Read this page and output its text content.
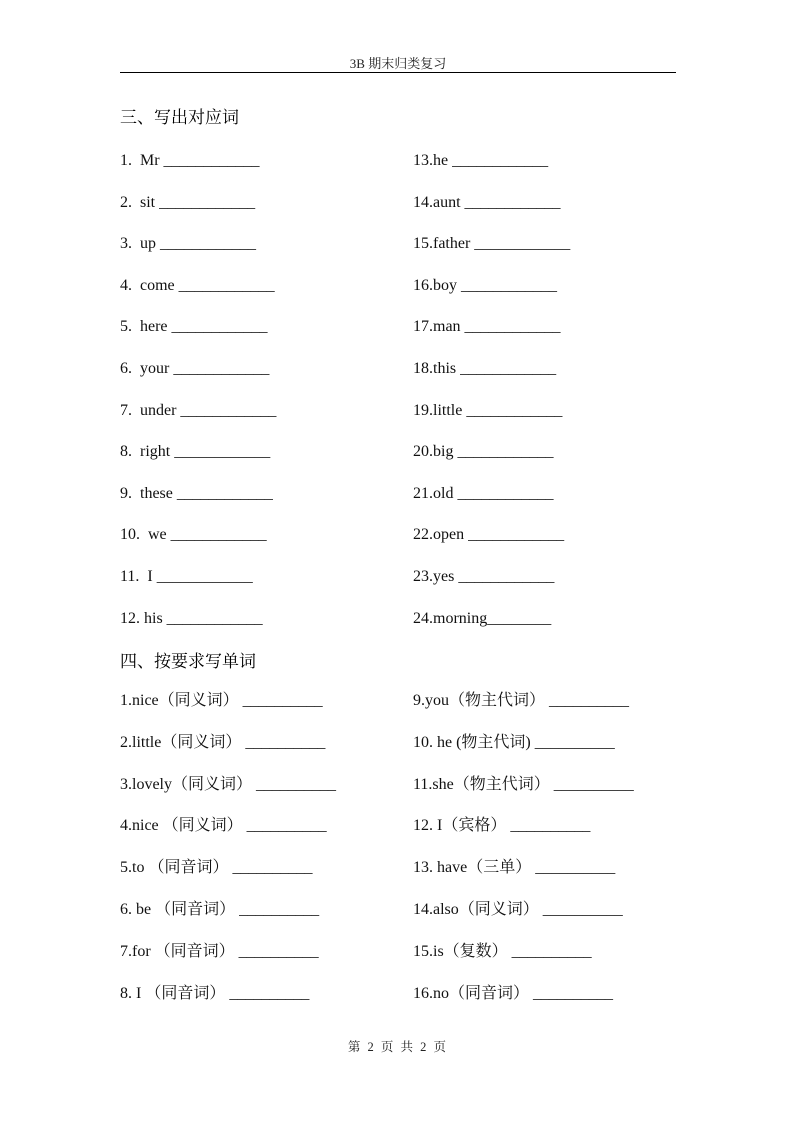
3B 期末归类复习
三、写出对应词
1.  Mr ____________	13.he ____________
2.  sit ____________	14.aunt ____________
3.  up ____________	15.father ____________
4.  come ____________	16.boy ____________
5.  here ____________	17.man ____________
6.  your ____________	18.this ____________
7.  under ____________	19.little ____________
8.  right ____________	20.big ____________
9.  these ____________	21.old ____________
10.  we ____________	22.open ____________
11.  I ____________	23.yes ____________
12. his ____________	24.morning________
四、按要求写单词
1.nice（同义词） __________	9.you（物主代词） __________
2.little（同义词） __________	10. he (物主代词) __________
3.lovely（同义词） __________	11.she（物主代词） __________
4.nice （同义词） __________	12. I（宾格） __________
5.to （同音词） __________	13. have（三单） __________
6. be （同音词） __________	14.also（同义词） __________
7.for （同音词） __________	15.is（复数） __________
8. I （同音词） __________	16.no（同音词） __________
第 2 页 共 2 页
